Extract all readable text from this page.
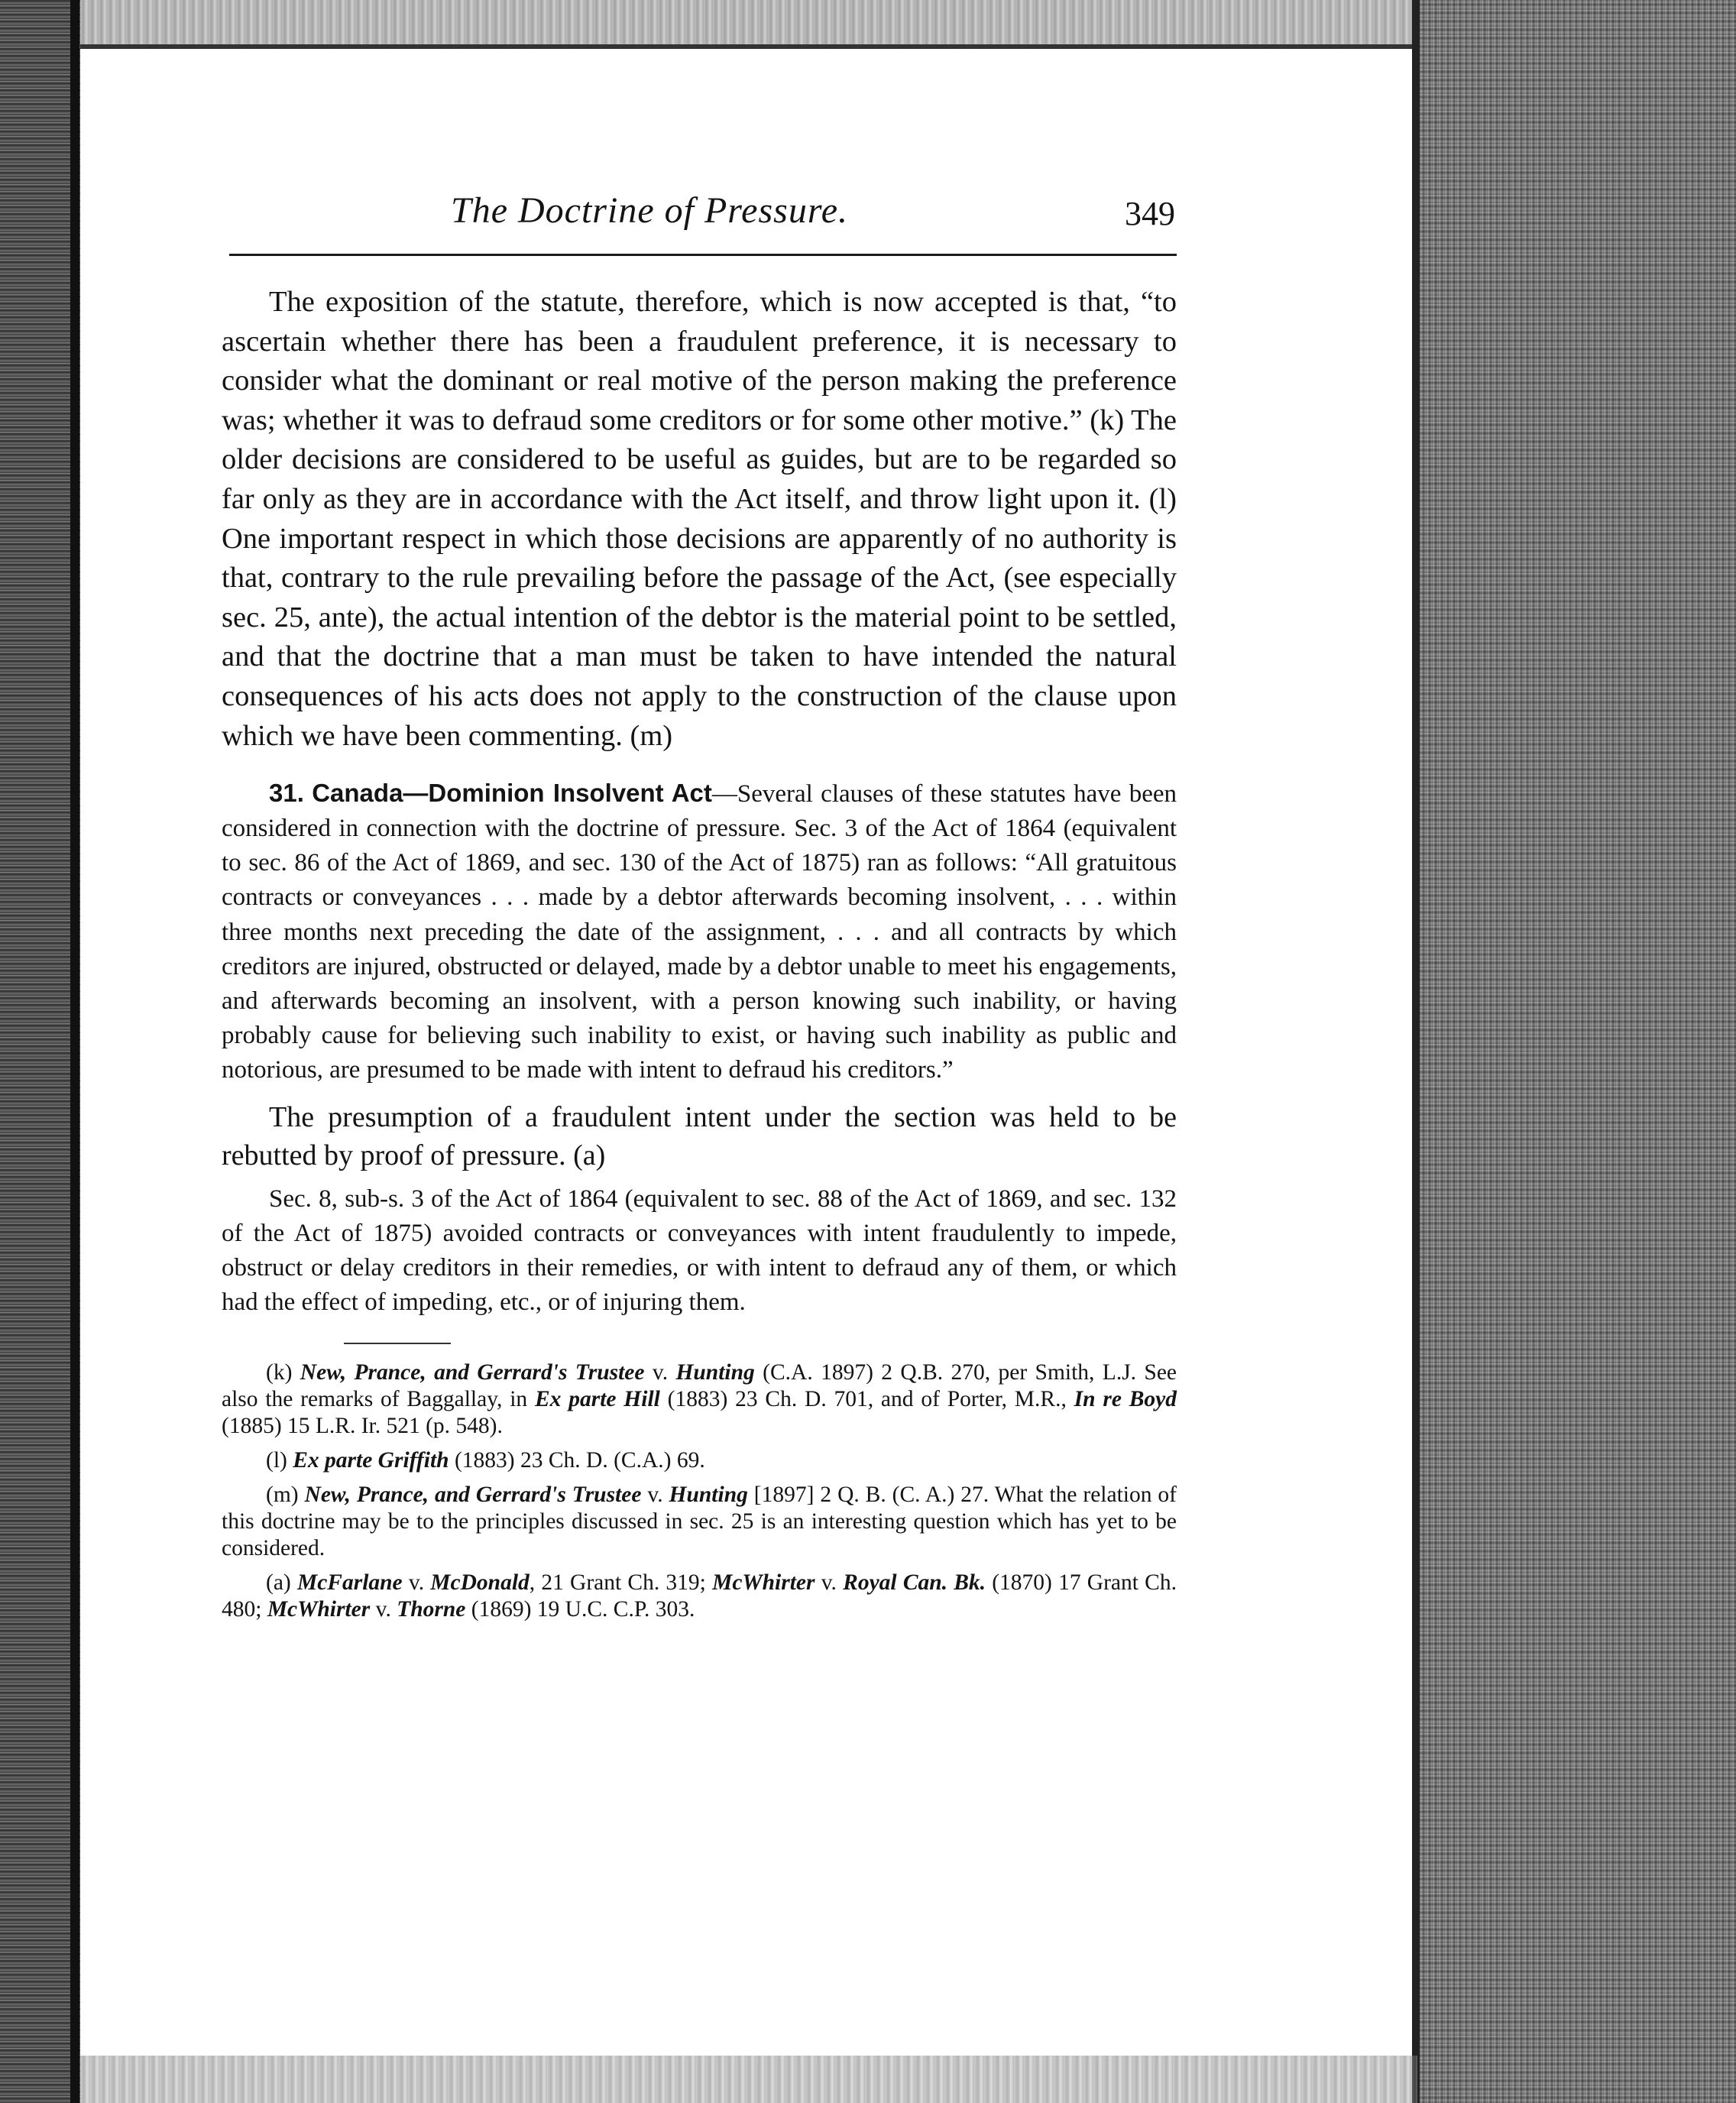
The Doctrine of Pressure.	349

The exposition of the statute, therefore, which is now accepted is that, “to ascertain whether there has been a fraudulent preference, it is necessary to consider what the dominant or real motive of the person making the preference was; whether it was to defraud some creditors or for some other motive.” (k) The older decisions are considered to be useful as guides, but are to be regarded so far only as they are in accordance with the Act itself, and throw light upon it. (l) One important respect in which those decisions are apparently of no authority is that, contrary to the rule prevailing before the passage of the Act, (see especially sec. 25, ante), the actual intention of the debtor is the material point to be settled, and that the doctrine that a man must be taken to have intended the natural consequences of his acts does not apply to the construction of the clause upon which we have been commenting. (m)

31. Canada—Dominion Insolvent Act—Several clauses of these statutes have been considered in connection with the doctrine of pressure. Sec. 3 of the Act of 1864 (equivalent to sec. 86 of the Act of 1869, and sec. 130 of the Act of 1875) ran as follows: “All gratuitous contracts or conveyances . . . made by a debtor afterwards becoming insolvent, . . . within three months next preceding the date of the assignment, . . . and all contracts by which creditors are injured, obstructed or delayed, made by a debtor unable to meet his engagements, and afterwards becoming an insolvent, with a person knowing such inability, or having probably cause for believing such inability to exist, or having such inability as public and notorious, are presumed to be made with intent to defraud his creditors.”

The presumption of a fraudulent intent under the section was held to be rebutted by proof of pressure. (a)

Sec. 8, sub-s. 3 of the Act of 1864 (equivalent to sec. 88 of the Act of 1869, and sec. 132 of the Act of 1875) avoided contracts or conveyances with intent fraudulently to impede, obstruct or delay creditors in their remedies, or with intent to defraud any of them, or which had the effect of impeding, etc., or of injuring them.

(k) New, Prance, and Gerrard's Trustee v. Hunting (C.A. 1897) 2 Q.B. 270, per Smith, L.J. See also the remarks of Baggallay, in Ex parte Hill (1883) 23 Ch. D. 701, and of Porter, M.R., In re Boyd (1885) 15 L.R. Ir. 521 (p. 548).

(l) Ex parte Griffith (1883) 23 Ch. D. (C.A.) 69.

(m) New, Prance, and Gerrard's Trustee v. Hunting [1897] 2 Q. B. (C. A.) 27. What the relation of this doctrine may be to the principles discussed in sec. 25 is an interesting question which has yet to be considered.

(a) McFarlane v. McDonald, 21 Grant Ch. 319; McWhirter v. Royal Can. Bk. (1870) 17 Grant Ch. 480; McWhirter v. Thorne (1869) 19 U.C. C.P. 303.
